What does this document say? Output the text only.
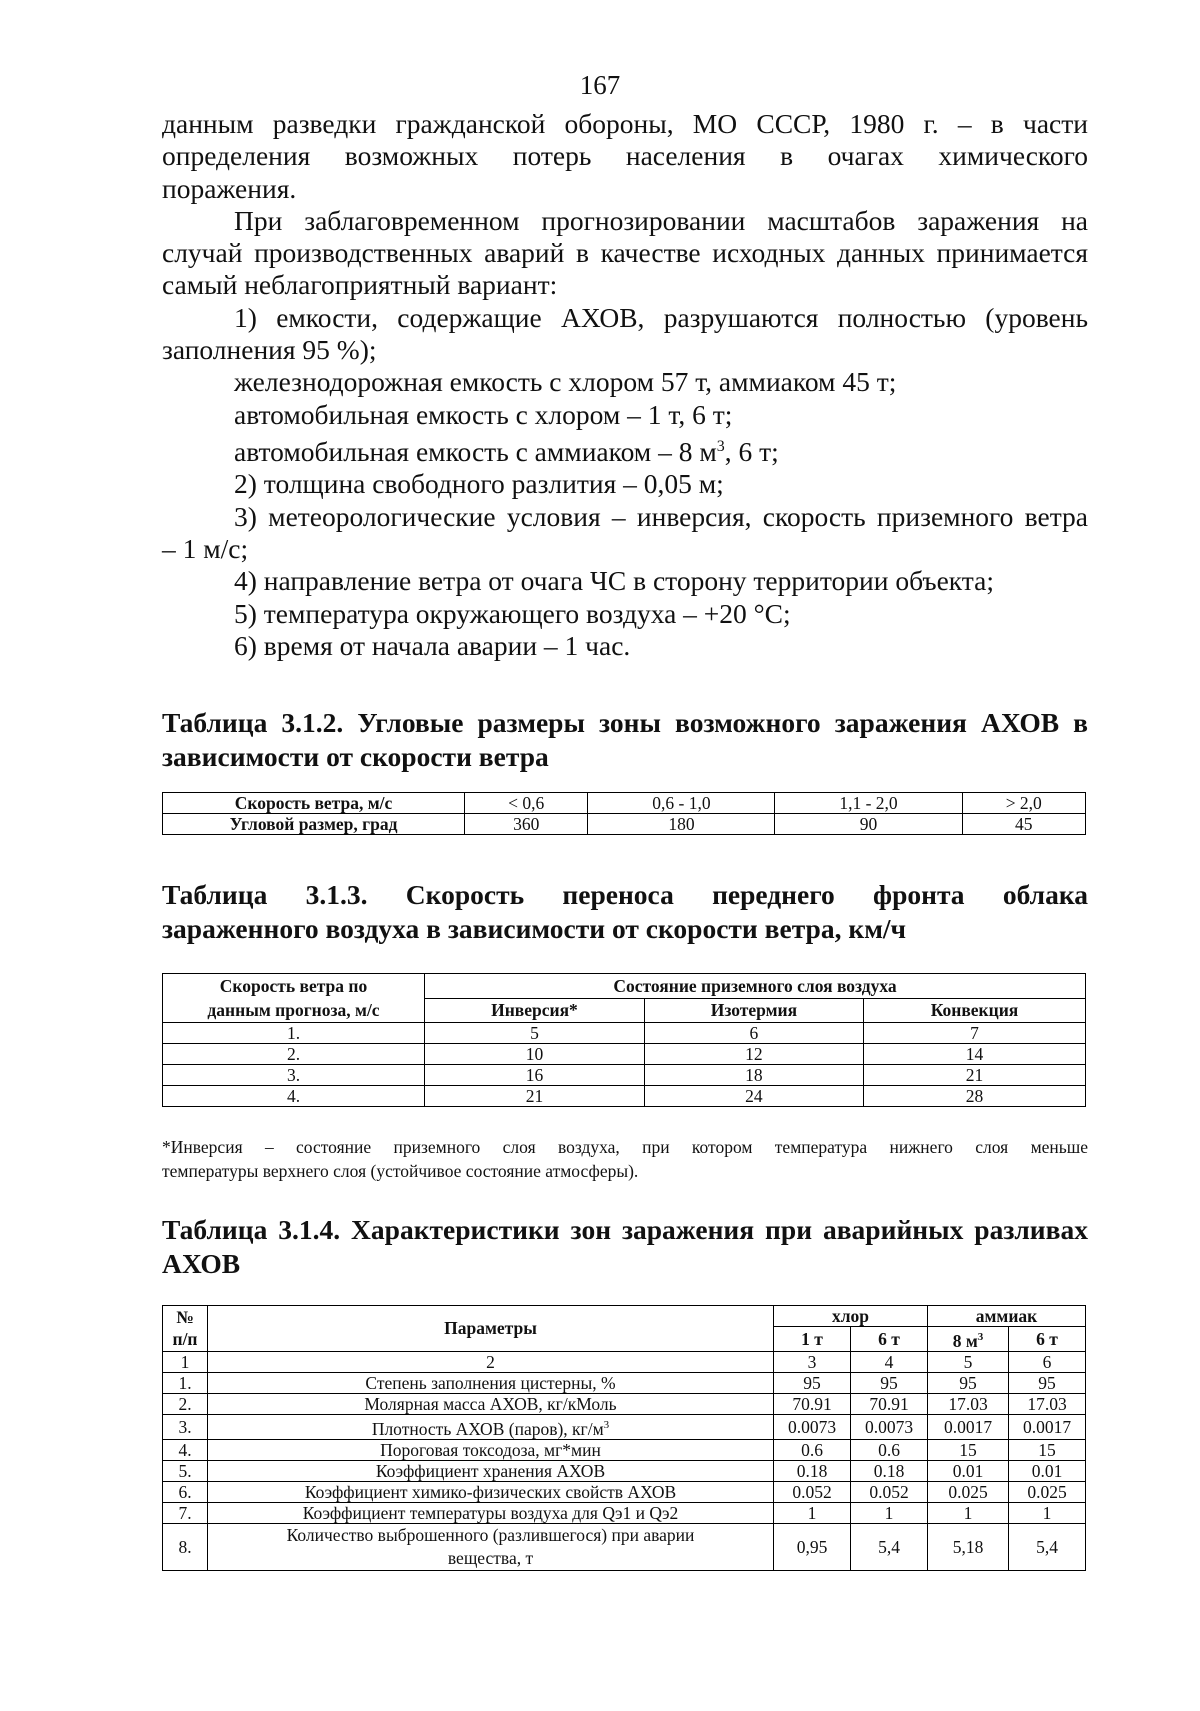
167

данным разведки гражданской обороны, МО СССР, 1980 г. – в части

определения возможных потерь населения в очагах химического

поражения.

При заблаговременном прогнозировании масштабов заражения на

случай производственных аварий в качестве исходных данных принимается

самый неблагоприятный вариант:

1) емкости, содержащие АХОВ, разрушаются полностью (уровень

заполнения 95 %);

железнодорожная емкость с хлором 57 т, аммиаком 45 т;

автомобильная емкость с хлором – 1 т, 6 т;

автомобильная емкость с аммиаком – 8 $м^3$, 6 т;

2) толщина свободного разлития – 0,05 м;

3) метеорологические условия – инверсия, скорость приземного ветра

– 1 м/с;

4) направление ветра от очага ЧС в сторону территории объекта;

5) температура окружающего воздуха – +20 °С;

6) время от начала аварии – 1 час.

Таблица 3.1.2. Угловые размеры зоны возможного заражения АХОВ в
зависимости от скорости ветра
Скорость ветра, м/с	< 0,6	0,6 - 1,0	1,1 - 2,0	> 2,0
Угловой размер, град	360	180	90	45
Таблица 3.1.3. Скорость переноса переднего фронта облака
зараженного воздуха в зависимости от скорости ветра, км/ч
Скорость ветра по
данным прогноза, м/с	Состояние приземного слоя воздуха		
	Инверсия*	Изотермия	Конвекция
1.	5	6	7
2.	10	12	14
3.	16	18	21
4.	21	24	28
*Инверсия – состояние приземного слоя воздуха, при котором температура нижнего слоя меньше
температуры верхнего слоя (устойчивое состояние атмосферы).
Таблица 3.1.4. Характеристики зон заражения при аварийных разливах
АХОВ
№
п/п	Параметры	хлор		аммиак	
		1 т	6 т	8 $м^3$	6 т
1	2	3	4	5	6
1.	Степень заполнения цистерны, %	95	95	95	95
2.	Молярная масса АХОВ, кг/кМоль	70.91	70.91	17.03	17.03
3.	Плотность АХОВ (паров), $кг/м^3$	0.0073	0.0073	0.0017	0.0017
4.	Пороговая токсодоза, мг*мин	0.6	0.6	15	15
5.	Коэффициент хранения АХОВ	0.18	0.18	0.01	0.01
6.	Коэффициент химико-физических свойств АХОВ	0.052	0.052	0.025	0.025
7.	Коэффициент температуры воздуха для Qэ1 и Qэ2	1	1	1	1
8.	Количество выброшенного (разлившегося) при аварии
вещества, т	0,95	5,4	5,18	5,4
